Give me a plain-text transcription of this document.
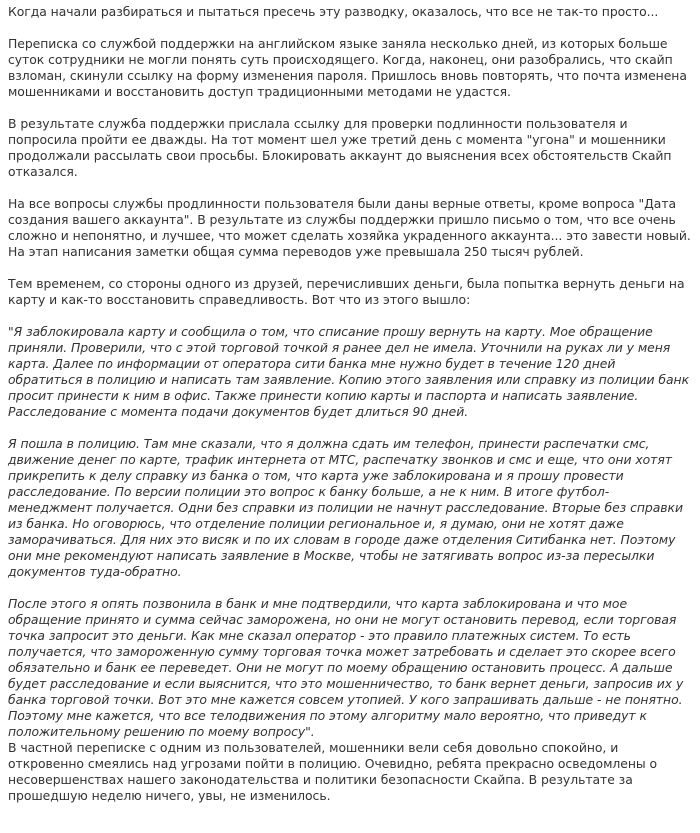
Когда начали разбираться и пытаться пресечь эту разводку, оказалось, что все не так-то просто...

Переписка со службой поддержки на английском языке заняла несколько дней, из которых больше суток сотрудники не могли понять суть происходящего. Когда, наконец, они разобрались, что скайп взломан, скинули ссылку на форму изменения пароля. Пришлось вновь повторять, что почта изменена мошенниками и восстановить доступ традиционными методами не удастся.

В результате служба поддержки прислала ссылку для проверки подлинности пользователя и попросила пройти ее дважды. На тот момент шел уже третий день с момента "угона" и мошенники продолжали рассылать свои просьбы. Блокировать аккаунт до выяснения всех обстоятельств Скайп отказался.

На все вопросы службы продлинности пользователя были даны верные ответы, кроме вопроса "Дата создания вашего аккаунта". В результате из службы поддержки пришло письмо о том, что все очень сложно и непонятно, и лучшее, что может сделать хозяйка украденного аккаунта... это завести новый. На этап написания заметки общая сумма переводов уже превышала 250 тысяч рублей.

Тем временем, со стороны одного из друзей, перечисливших деньги, была попытка вернуть деньги на карту и как-то восстановить справедливость. Вот что из этого вышло:

"Я заблокировала карту и сообщила о том, что списание прошу вернуть на карту. Мое обращение приняли. Проверили, что с этой торговой точкой я ранее дел не имела. Уточнили на руках ли у меня карта. Далее по информации от оператора сити банка мне нужно будет в течение 120 дней обратиться в полицию и написать там заявление. Копию этого заявления или справку из полиции банк просит принести к ним в офис. Также принести копию карты и паспорта и написать заявление. Расследование с момента подачи документов будет длиться 90 дней.

Я пошла в полицию. Там мне сказали, что я должна сдать им телефон, принести распечатки смс, движение денег по карте, трафик интернета от МТС, распечатку звонков и смс и еще, что они хотят прикрепить к делу справку из банка о том, что карта уже заблокирована и я прошу провести расследование. По версии полиции это вопрос к банку больше, а не к ним. В итоге футбол-менеджмент получается. Одни без справки из полиции не начнут расследование. Вторые без справки из банка. Но оговорюсь, что отделение полиции региональное и, я думаю, они не хотят даже заморачиваться. Для них это висяк и по их словам в городе даже отделения Ситибанка нет. Поэтому они мне рекомендуют написать заявление в Москве, чтобы не затягивать вопрос из-за пересылки документов туда-обратно.

После этого я опять позвонила в банк и мне подтвердили, что карта заблокирована и что мое обращение принято и сумма сейчас заморожена, но они не могут остановить перевод, если торговая точка запросит это деньги. Как мне сказал оператор - это правило платежных систем. То есть получается, что замороженную сумму торговая точка может затребовать и сделает это скорее всего обязательно и банк ее переведет. Они не могут по моему обращению остановить процесс. А дальше будет расследование и если выяснится, что это мошенничество, то банк вернет деньги, запросив их у банка торговой точки. Вот это мне кажется совсем утопией. У кого запрашивать дальше - не понятно. Поэтому мне кажется, что все телодвижения по этому алгоритму мало вероятно, что приведут к положительному решению по моему вопросу".

В частной переписке с одним из пользователей, мошенники вели себя довольно спокойно, и откровенно смеялись над угрозами пойти в полицию. Очевидно, ребята прекрасно осведомлены о несовершенствах нашего законодательства и политики безопасности Скайпа. В результате за прошедшую неделю ничего, увы, не изменилось.
